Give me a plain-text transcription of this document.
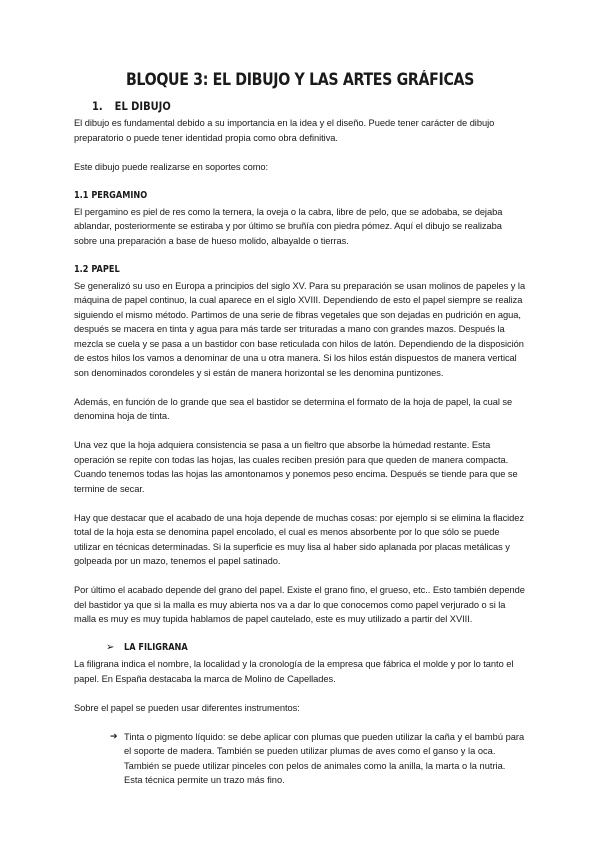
BLOQUE 3: EL DIBUJO Y LAS ARTES GRÁFICAS
1. EL DIBUJO

El dibujo es fundamental debido a su importancia en la idea y el diseño. Puede tener carácter de dibujo preparatorio o puede tener identidad propia como obra definitiva.

Este dibujo puede realizarse en soportes como:

1.1 PERGAMINO

El pergamino es piel de res como la ternera, la oveja o la cabra, libre de pelo, que se adobaba, se dejaba ablandar, posteriormente se estiraba y por último se bruñía con piedra pómez. Aquí el dibujo se realizaba sobre una preparación a base de hueso molido, albayalde o tierras.

1.2 PAPEL

Se generalizó su uso en Europa a principios del siglo XV. Para su preparación se usan molinos de papeles y la máquina de papel continuo, la cual aparece en el siglo XVIII. Dependiendo de esto el papel siempre se realiza siguiendo el mismo método. Partimos de una serie de fibras vegetales que son dejadas en pudrición en agua, después se macera en tinta y agua para más tarde ser trituradas a mano con grandes mazos. Después la mezcla se cuela y se pasa a un bastidor con base reticulada con hilos de latón. Dependiendo de la disposición de estos hilos los vamos a denominar de una u otra manera. Si los hilos están dispuestos de manera vertical son denominados corondeles y si están de manera horizontal se les denomina puntizones.

Además, en función de lo grande que sea el bastidor se determina el formato de la hoja de papel, la cual se denomina hoja de tinta.

Una vez que la hoja adquiera consistencia se pasa a un fieltro que absorbe la húmedad restante. Esta operación se repite con todas las hojas, las cuales reciben presión para que queden de manera compacta. Cuando tenemos todas las hojas las amontonamos y ponemos peso encima. Después se tiende para que se termine de secar.

Hay que destacar que el acabado de una hoja depende de muchas cosas: por ejemplo si se elimina la flacidez total de la hoja esta se denomina papel encolado, el cual es menos absorbente por lo que sólo se puede utilizar en técnicas determinadas. Si la superficie es muy lisa al haber sido aplanada por placas metálicas y golpeada por un mazo, tenemos el papel satinado.

Por último el acabado depende del grano del papel. Existe el grano fino, el grueso, etc.. Esto también depende del bastidor ya que si la malla es muy abierta nos va a dar lo que conocemos como papel verjurado o si la malla es muy es muy tupida hablamos de papel cautelado, este es muy utilizado a partir del XVIII.

➢ LA FILIGRANA

La filigrana indica el nombre, la localidad y la cronología de la empresa que fábrica el molde y por lo tanto el papel. En España destacaba la marca de Molino de Capellades.

Sobre el papel se pueden usar diferentes instrumentos:

➔ Tinta o pigmento líquido: se debe aplicar con plumas que pueden utilizar la caña y el bambú para el soporte de madera. También se pueden utilizar plumas de aves como el ganso y la oca. También se puede utilizar pinceles con pelos de animales como la anilla, la marta o la nutria. Esta técnica permite un trazo más fino.
